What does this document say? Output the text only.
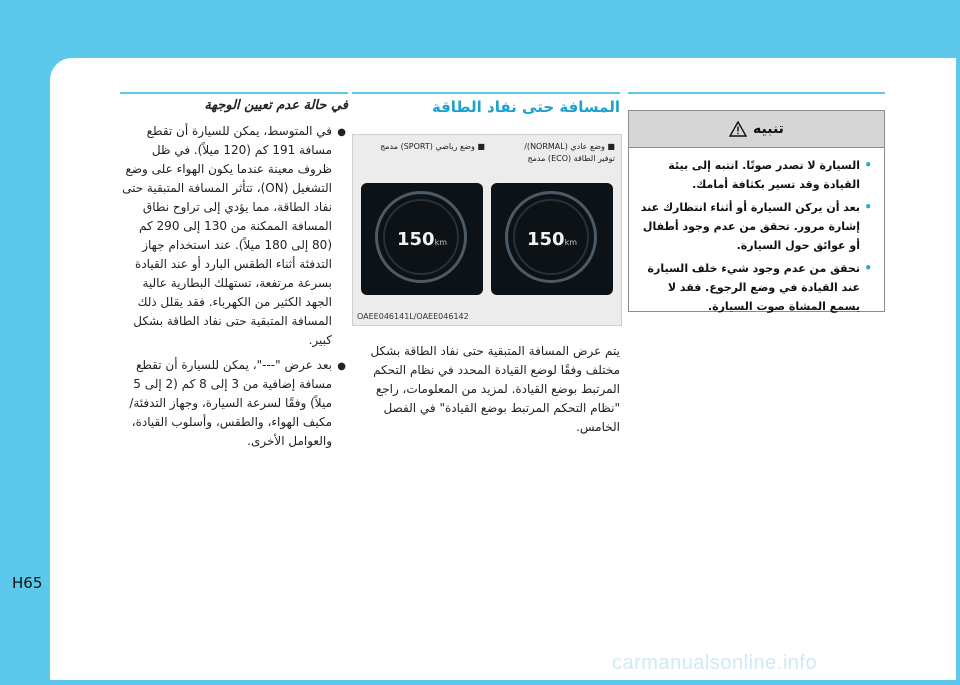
تنبيه
•
السيارة لا تصدر صوتًا. انتبه إلى بيئة القيادة وقد تسير بكثافة أمامك.
•
بعد أن يركن السيارة أو أثناء انتظارك عند إشارة مرور. تحقق من عدم وجود أطفال أو عوائق حول السيارة.
•
تحقق من عدم وجود شيء خلف السيارة عند القيادة في وضع الرجوع. فقد لا يسمع المشاة صوت السيارة.
المسافة حتى نفاد الطاقة
■ وضع عادي (NORMAL)/
توفير الطاقة (ECO) مدمج
■ وضع رياضي (SPORT) مدمج
150km
150km
OAEE046141L/OAEE046142

يتم عرض المسافة المتبقية حتى نفاد الطاقة بشكل مختلف وفقًا لوضع القيادة المحدد في نظام التحكم المرتبط بوضع القيادة. لمزيد من المعلومات، راجع "نظام التحكم المرتبط بوضع القيادة" في الفصل الخامس.

في حالة عدم تعيين الوجهة
●
في المتوسط، يمكن للسيارة أن تقطع مسافة 191 كم (120 ميلاً). في ظل ظروف معينة عندما يكون الهواء على وضع التشغيل (ON)، تتأثر المسافة المتبقية حتى نفاد الطاقة، مما يؤدي إلى تراوح نطاق المسافة الممكنة من 130 إلى 290 كم (80 إلى 180 ميلاً). عند استخدام جهاز التدفئة أثناء الطقس البارد أو عند القيادة بسرعة مرتفعة، تستهلك البطارية عالية الجهد الكثير من الكهرباء. فقد يقلل ذلك المسافة المتبقية حتى نفاد الطاقة بشكل كبير.
●
بعد عرض "---"، يمكن للسيارة أن تقطع مسافة إضافية من 3 إلى 8 كم (2 إلى 5 ميلاً) وفقًا لسرعة السيارة، وجهاز التدفئة/مكيف الهواء، والطقس، وأسلوب القيادة، والعوامل الأخرى.
H65
carmanualsonline.info
